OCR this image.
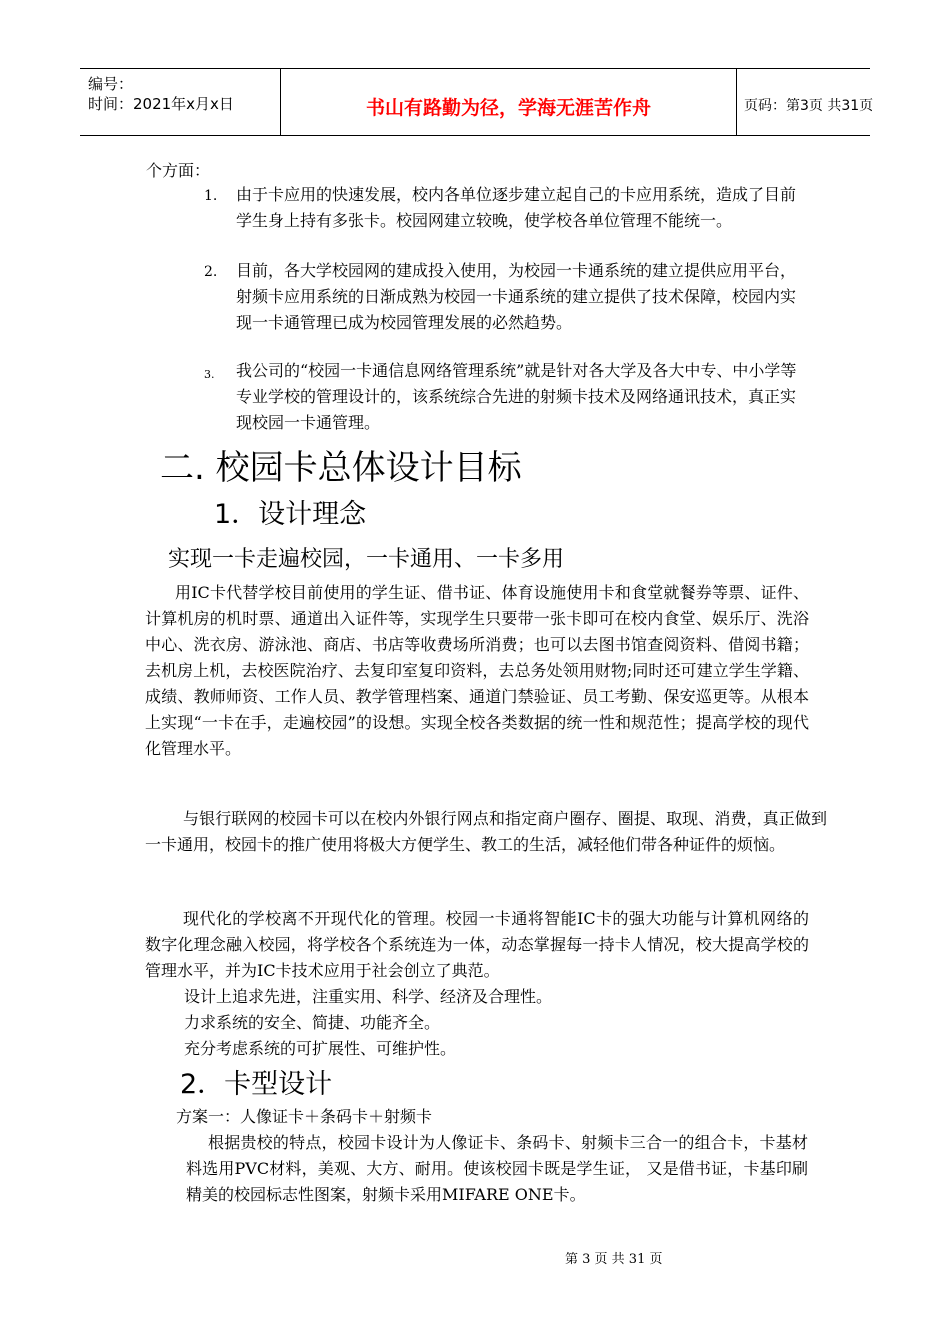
编号：
时间：2021年x月x日	书山有路勤为径，学海无涯苦作舟	页码：第3页 共31页
个方面：
1. 由于卡应用的快速发展，校内各单位逐步建立起自己的卡应用系统，造成了目前学生身上持有多张卡。校园网建立较晚，使学校各单位管理不能统一。
2. 目前，各大学校园网的建成投入使用，为校园一卡通系统的建立提供应用平台，射频卡应用系统的日渐成熟为校园一卡通系统的建立提供了技术保障，校园内实现一卡通管理已成为校园管理发展的必然趋势。
3. 我公司的“校园一卡通信息网络管理系统”就是针对各大学及各大中专、中小学等专业学校的管理设计的，该系统综合先进的射频卡技术及网络通讯技术，真正实现校园一卡通管理。
二. 校园卡总体设计目标
1．设计理念
实现一卡走遍校园，一卡通用、一卡多用
用IC卡代替学校目前使用的学生证、借书证、体育设施使用卡和食堂就餐券等票、证件、计算机房的机时票、通道出入证件等，实现学生只要带一张卡即可在校内食堂、娱乐厅、洗浴中心、洗衣房、游泳池、商店、书店等收费场所消费；也可以去图书馆查阅资料、借阅书籍；去机房上机，去校医院治疗、去复印室复印资料，去总务处领用财物;同时还可建立学生学籍、成绩、教师师资、工作人员、教学管理档案、通道门禁验证、员工考勤、保安巡更等。从根本上实现“一卡在手，走遍校园”的设想。实现全校各类数据的统一性和规范性；提高学校的现代化管理水平。
与银行联网的校园卡可以在校内外银行网点和指定商户圈存、圈提、取现、消费，真正做到一卡通用，校园卡的推广使用将极大方便学生、教工的生活，减轻他们带各种证件的烦恼。
现代化的学校离不开现代化的管理。校园一卡通将智能IC卡的强大功能与计算机网络的数字化理念融入校园，将学校各个系统连为一体，动态掌握每一持卡人情况，校大提高学校的管理水平，并为IC卡技术应用于社会创立了典范。
设计上追求先进，注重实用、科学、经济及合理性。
力求系统的安全、简捷、功能齐全。
充分考虑系统的可扩展性、可维护性。
2．卡型设计
方案一：人像证卡＋条码卡＋射频卡
根据贵校的特点，校园卡设计为人像证卡、条码卡、射频卡三合一的组合卡，卡基材料选用PVC材料，美观、大方、耐用。使该校园卡既是学生证， 又是借书证，卡基印刷精美的校园标志性图案，射频卡采用MIFARE ONE卡。
第 3 页 共 31 页
